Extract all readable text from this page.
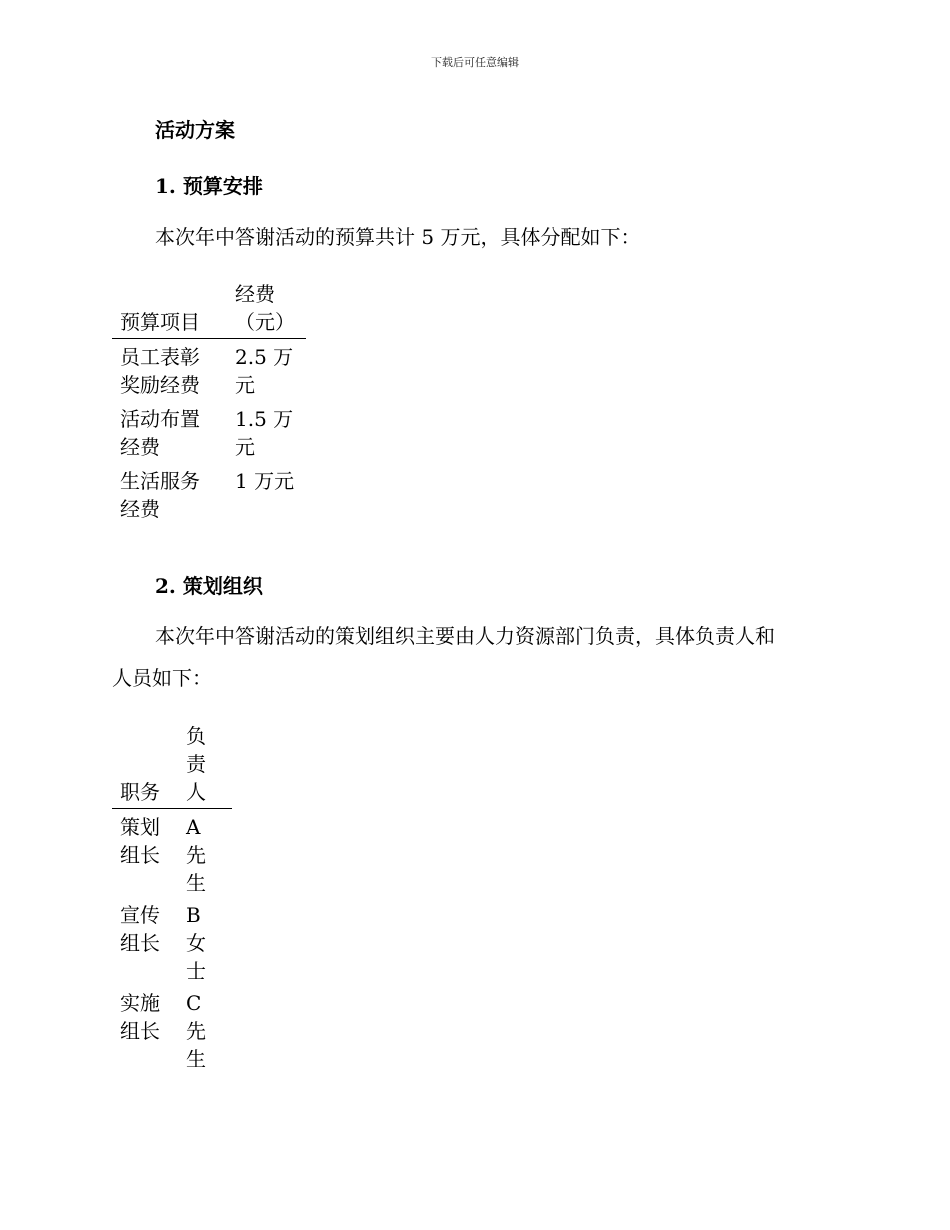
下载后可任意编辑
活动方案
1. 预算安排
本次年中答谢活动的预算共计 5 万元，具体分配如下：
预算项目	经费（元）
员工表彰奖励经费	2.5 万元
活动布置经费	1.5 万元
生活服务经费	1 万元
2. 策划组织
本次年中答谢活动的策划组织主要由人力资源部门负责，具体负责人和
人员如下：
职务	负责人
策划组长	A 先生
宣传组长	B 女士
实施组长	C 先生
